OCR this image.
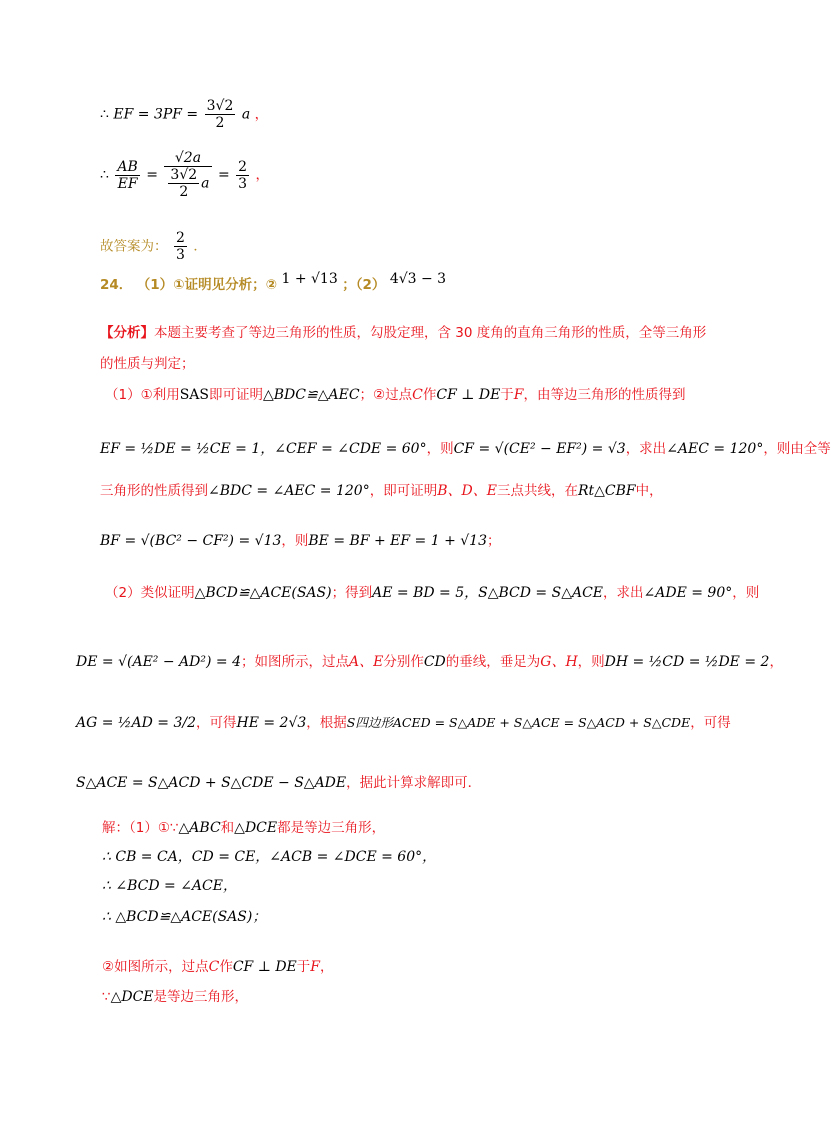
∴ EF = $3PF = \frac{3√2}{2}$ a ，
∴ $\frac{AB}{EF} = \frac{√2a}{\frac{3√2}{2} a} = \frac{2}{3}$ ，
故答案为： $\frac{2}{3}$ ．
24． （1）①证明见分析；② 1 + √13 ；（2） 4√3 − 3
【分析】本题主要考查了等边三角形的性质，勾股定理，含 30 度角的直角三角形的性质，全等三角形
的性质与判定；
（1）①利用SAS即可证明△BDC≌△AEC；②过点C作CF ⊥ DE于F，由等边三角形的性质得到
EF = ½DE = ½CE = 1，∠CEF = ∠CDE = 60°，则CF = √(CE² − EF²) = √3，求出∠AEC = 120°，则由全等
三角形的性质得到∠BDC = ∠AEC = 120°，即可证明B、D、E三点共线，在Rt△CBF中，
BF = √(BC² − CF²) = √13，则BE = BF + EF = 1 + √13；
（2）类似证明△BCD≌△ACE(SAS)；得到AE = BD = 5，S△BCD = S△ACE，求出∠ADE = 90°，则
DE = √(AE² − AD²) = 4；如图所示，过点A、E分别作CD的垂线，垂足为G、H，则DH = ½CD = ½DE = 2，
AG = ½AD = 3/2，可得HE = 2√3，根据S四边形ACED = S△ADE + S△ACE = S△ACD + S△CDE，可得
S△ACE = S△ACD + S△CDE − S△ADE，据此计算求解即可．
解：（1）①∵△ABC和△DCE都是等边三角形，
∴ CB = CA，CD = CE，∠ACB = ∠DCE = 60°，
∴ ∠BCD = ∠ACE，
∴ △BCD≌△ACE(SAS)；
②如图所示，过点C作CF ⊥ DE于F，
∵△DCE是等边三角形，
